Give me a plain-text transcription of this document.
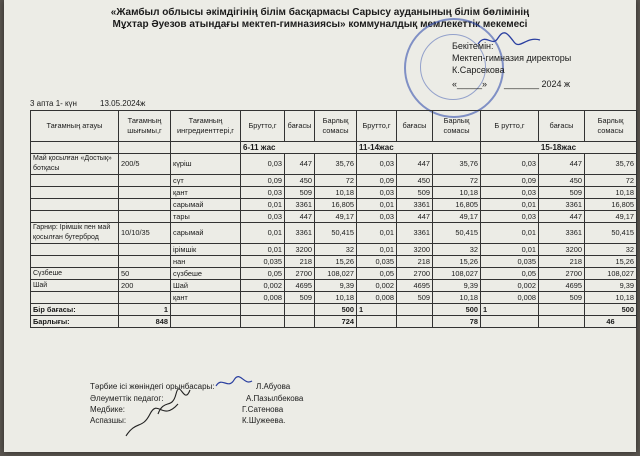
«Жамбыл облысы әкімдігінің білім басқармасы Сарысу ауданының білім бөлімінің
Мұхтар Әуезов атындағы мектеп-гимназиясы» коммуналдық мемлекеттік мекемесі
Бекітемін:
Мектеп-гимназия директоры
К.Сарсекова
«_____» _______ 2024 ж
3 апта 1- күн	13.05.2024ж
Тағамның атауы	Тағамның шығымы,г	Тағамның ингредиенттері,г	Брутто,г	бағасы	Барлық сомасы	Брутто,г	бағасы	Барлық сомасы	Б рутто,г	бағасы	Барлық сомасы
			6-11 жас			11-14жас			15-18жас		
Май қосылған «Достық» ботқасы	200/5	күріш	0,03	447	35,76	0,03	447	35,76	0,03	447	35,76
		сүт	0,09	450	72	0,09	450	72	0,09	450	72
		қант	0,03	509	10,18	0,03	509	10,18	0,03	509	10,18
		сарымай	0,01	3361	16,805	0,01	3361	16,805	0,01	3361	16,805
		тары	0,03	447	49,17	0,03	447	49,17	0,03	447	49,17
Гарнир: Ірімшік пен май қосылған бутерброд	10/10/35	сарымай	0,01	3361	50,415	0,01	3361	50,415	0,01	3361	50,415
		ірімшік	0,01	3200	32	0,01	3200	32	0,01	3200	32
		нан	0,035	218	15,26	0,035	218	15,26	0,035	218	15,26
Сүзбеше	50	сүзбеше	0,05	2700	108,027	0,05	2700	108,027	0,05	2700	108,027
Шай	200	Шай	0,002	4695	9,39	0,002	4695	9,39	0,002	4695	9,39
		қант	0,008	509	10,18	0,008	509	10,18	0,008	509	10,18
Бір бағасы:	1				500	1		500	1		500
Барлығы:	848				724			78			46
Тәрбие ісі жөніндегі орынбасары:	Л.Абуова
Әлеуметтік педагог:	А.Пазылбекова
Медбике:	Г.Сатенова
Аспазшы:	К.Шужеева.
